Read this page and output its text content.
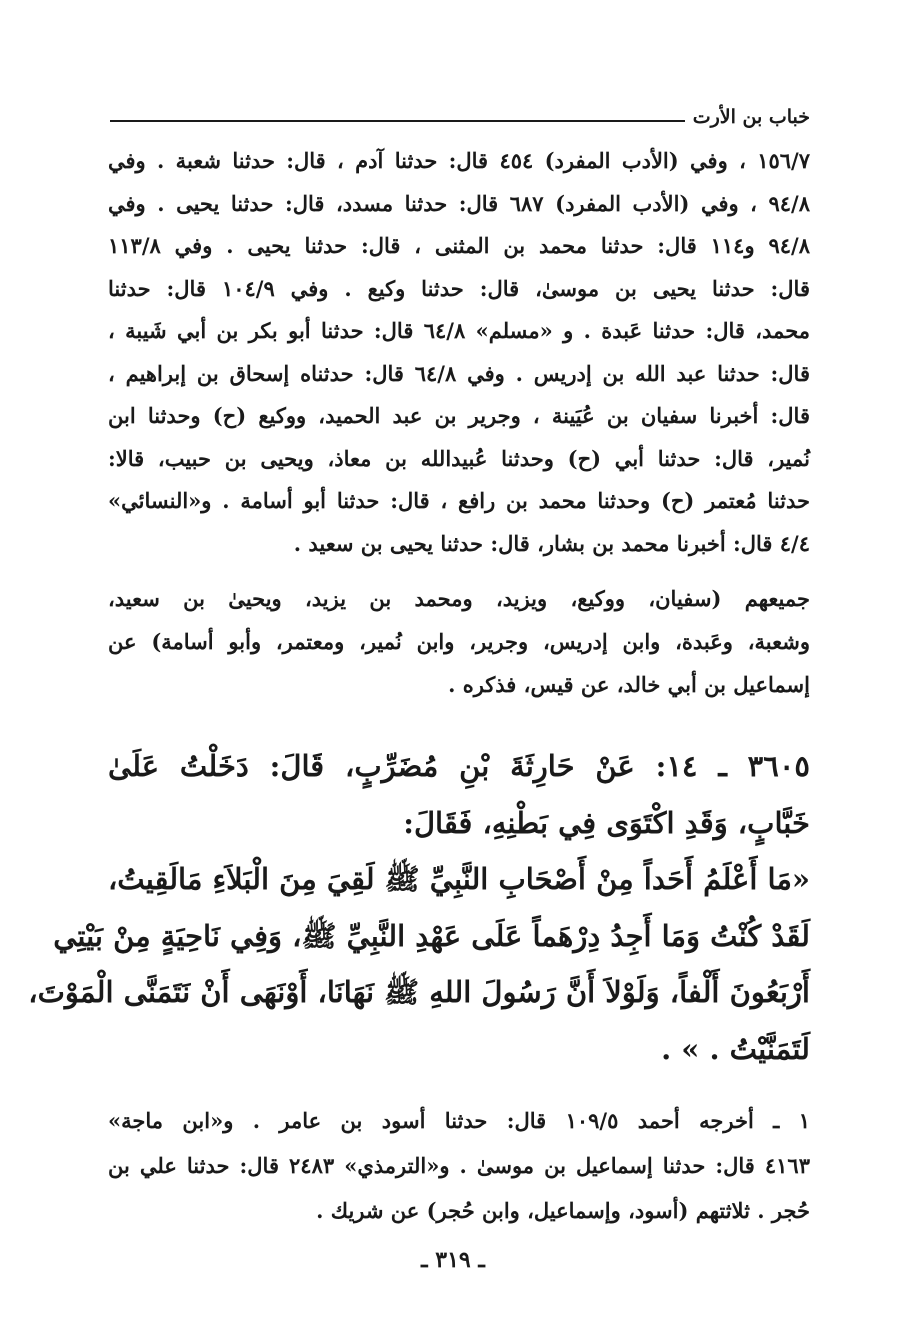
خباب بن الأرت
١٥٦/٧ ، وفي (الأدب المفرد) ٤٥٤ قال: حدثنا آدم ، قال: حدثنا شعبة . وفي
٩٤/٨ ، وفي (الأدب المفرد) ٦٨٧ قال: حدثنا مسدد، قال: حدثنا يحيى . وفي
٩٤/٨ و١١٤ قال: حدثنا محمد بن المثنى ، قال: حدثنا يحيى . وفي ١١٣/٨
قال: حدثنا يحيى بن موسىٰ، قال: حدثنا وكيع . وفي ١٠٤/٩ قال: حدثنا
محمد، قال: حدثنا عَبدة . و «مسلم» ٦٤/٨ قال: حدثنا أبو بكر بن أبي شَيبة ،
قال: حدثنا عبد الله بن إدريس . وفي ٦٤/٨ قال: حدثناه إسحاق بن إبراهيم ،
قال: أخبرنا سفيان بن عُيَينة ، وجرير بن عبد الحميد، ووكيع (ح) وحدثنا ابن
نُمير، قال: حدثنا أبي (ح) وحدثنا عُبيدالله بن معاذ، ويحيى بن حبيب، قالا:
حدثنا مُعتمر (ح) وحدثنا محمد بن رافع ، قال: حدثنا أبو أسامة . و«النسائي»
٤/٤ قال: أخبرنا محمد بن بشار، قال: حدثنا يحيى بن سعيد .
جميعهم (سفيان، ووكيع، ويزيد، ومحمد بن يزيد، ويحيىٰ بن سعيد،
وشعبة، وعَبدة، وابن إدريس، وجرير، وابن نُمير، ومعتمر، وأبو أسامة) عن
إسماعيل بن أبي خالد، عن قيس، فذكره .
٣٦٠٥ ـ ١٤: عَنْ حَارِثَةَ بْنِ مُضَرِّبٍ، قَالَ: دَخَلْتُ عَلَىٰ
خَبَّابٍ، وَقَدِ اكْتَوَى فِي بَطْنِهِ، فَقَالَ:
«مَا أَعْلَمُ أَحَداً مِنْ أَصْحَابِ النَّبِيِّ ﷺ لَقِيَ مِنَ الْبَلاَءِ مَالَقِيتُ،
لَقَدْ كُنْتُ وَمَا أَجِدُ دِرْهَماً عَلَى عَهْدِ النَّبِيِّ ﷺ، وَفِي نَاحِيَةٍ مِنْ بَيْتِي
أَرْبَعُونَ أَلْفاً، وَلَوْلاَ أَنَّ رَسُولَ اللهِ ﷺ نَهَانَا، أَوْنَهَى أَنْ نَتَمَنَّى الْمَوْتَ،
لَتَمَنَّيْتُ . » .
١ ـ أخرجه أحمد ١٠٩/٥ قال: حدثنا أسود بن عامر . و«ابن ماجة»
٤١٦٣ قال: حدثنا إسماعيل بن موسىٰ . و«الترمذي» ٢٤٨٣ قال: حدثنا علي بن
حُجر . ثلاثتهم (أسود، وإسماعيل، وابن حُجر) عن شريك .
ـ ٣١٩ ـ
